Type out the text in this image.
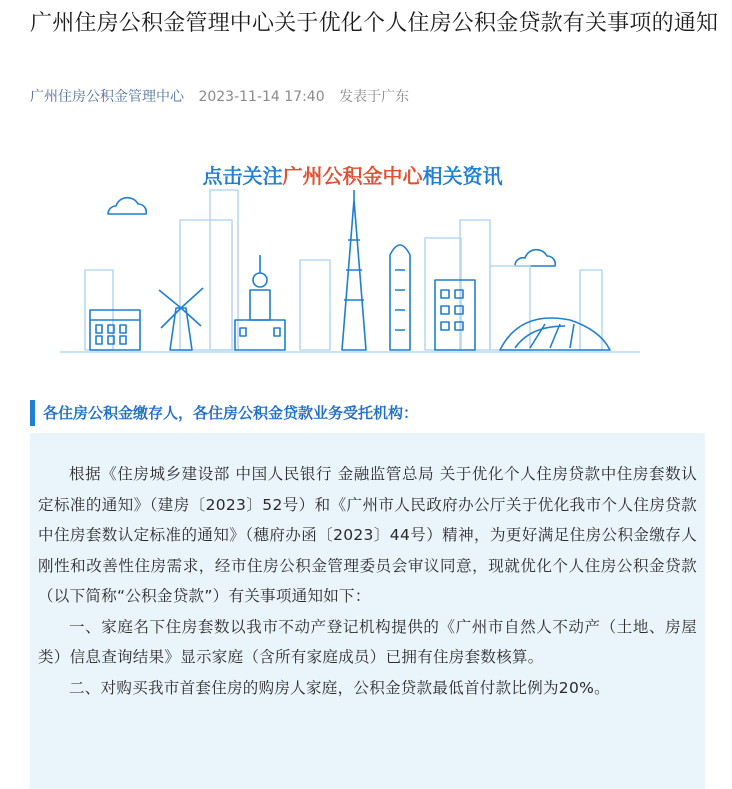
广州住房公积金管理中心关于优化个人住房公积金贷款有关事项的通知
广州住房公积金管理中心 2023-11-14 17:40 发表于广东
点击关注广州公积金中心相关资讯
各住房公积金缴存人，各住房公积金贷款业务受托机构：

根据《住房城乡建设部 中国人民银行 金融监管总局 关于优化个人住房贷款中住房套数认定标准的通知》（建房〔2023〕52号）和《广州市人民政府办公厅关于优化我市个人住房贷款中住房套数认定标准的通知》（穗府办函〔2023〕44号）精神，为更好满足住房公积金缴存人刚性和改善性住房需求，经市住房公积金管理委员会审议同意，现就优化个人住房公积金贷款（以下简称“公积金贷款”）有关事项通知如下：

一、家庭名下住房套数以我市不动产登记机构提供的《广州市自然人不动产（土地、房屋类）信息查询结果》显示家庭（含所有家庭成员）已拥有住房套数核算。

二、对购买我市首套住房的购房人家庭，公积金贷款最低首付款比例为20%。
